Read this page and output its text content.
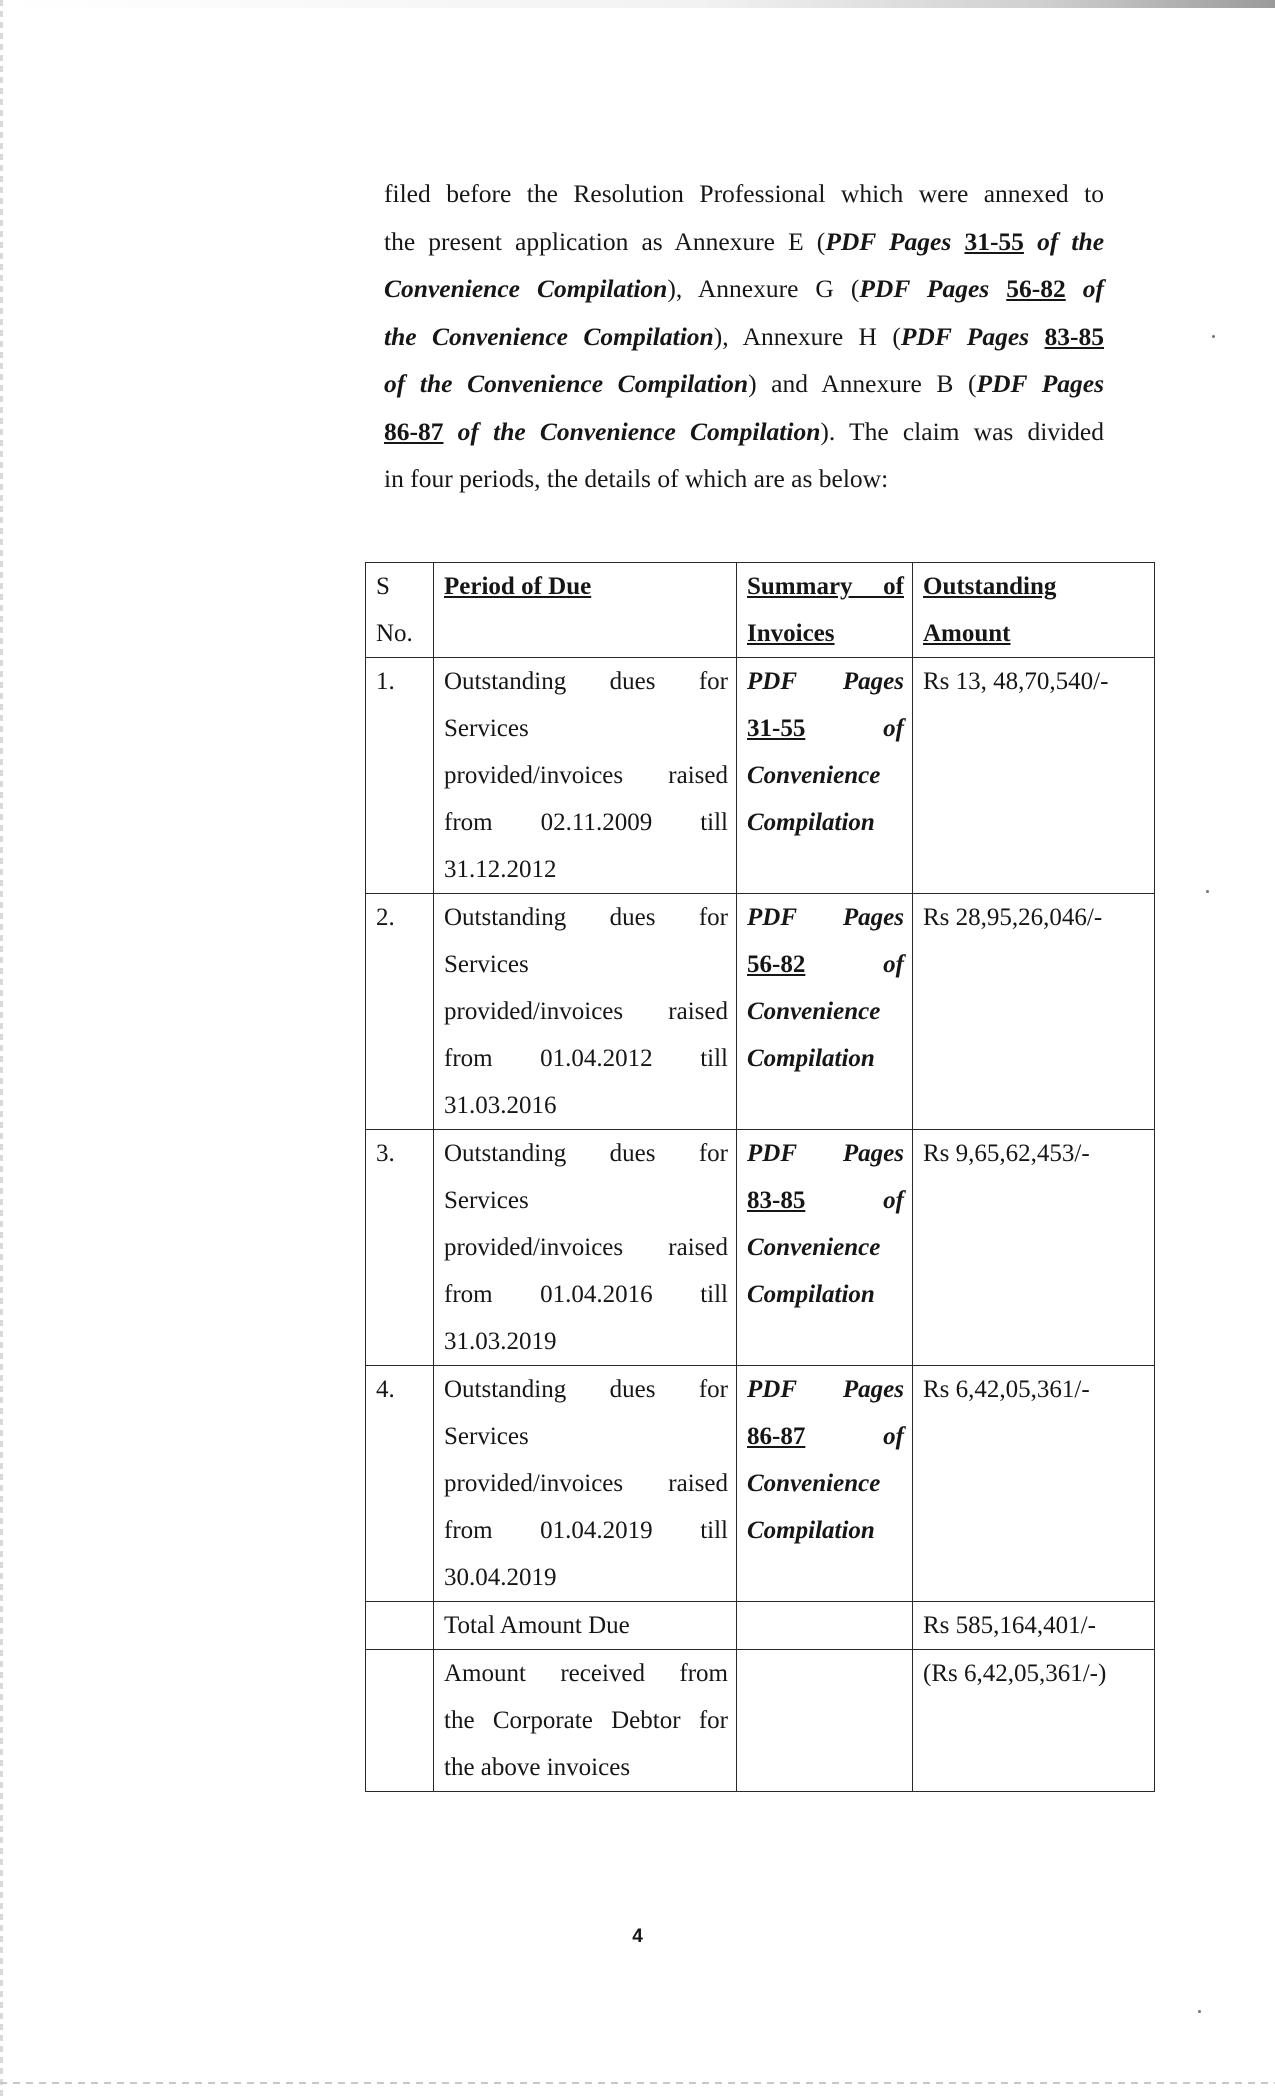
filed before the Resolution Professional which were annexed to
the present application as Annexure E (PDF Pages 31-55 of the
Convenience Compilation), Annexure G (PDF Pages 56-82 of
the Convenience Compilation), Annexure H (PDF Pages 83-85
of the Convenience Compilation) and Annexure B (PDF Pages
86-87 of the Convenience Compilation). The claim was divided
in four periods, the details of which are as below:

S
No.	Period of Due	Summary of
Invoices	Outstanding
Amount

1.	Outstanding dues for
Services
provided/invoices raised
from 02.11.2009 till
31.12.2012	PDF Pages
31-55 of
Convenience
Compilation	Rs 13, 48,70,540/-

2.	Outstanding dues for
Services
provided/invoices raised
from 01.04.2012 till
31.03.2016	PDF Pages
56-82 of
Convenience
Compilation	Rs 28,95,26,046/-

3.	Outstanding dues for
Services
provided/invoices raised
from 01.04.2016 till
31.03.2019	PDF Pages
83-85 of
Convenience
Compilation	Rs 9,65,62,453/-

4.	Outstanding dues for
Services
provided/invoices raised
from 01.04.2019 till
30.04.2019	PDF Pages
86-87 of
Convenience
Compilation	Rs 6,42,05,361/-

	Total Amount Due		Rs 585,164,401/-

	Amount received from
the Corporate Debtor for
the above invoices		(Rs 6,42,05,361/-)
4
